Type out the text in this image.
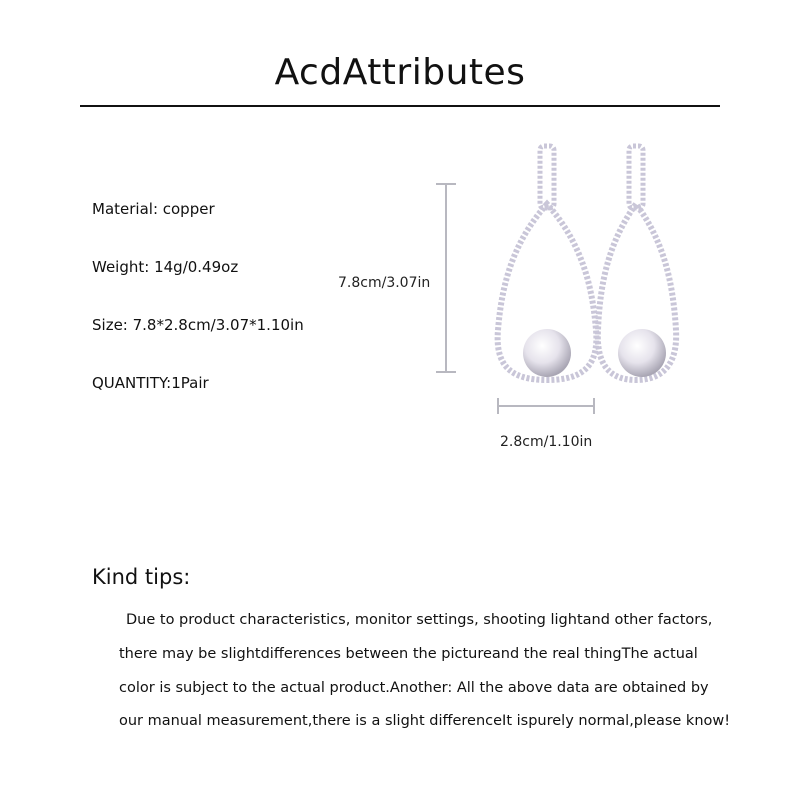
AcdAttributes
Material: copper
Weight: 14g/0.49oz
Size: 7.8*2.8cm/3.07*1.10in
QUANTITY:1Pair
7.8cm/3.07in
2.8cm/1.10in
Kind tips:
Due to product characteristics, monitor settings, shooting lightand other factors,
there may be slightdifferences between the pictureand the real thingThe actual
color is subject to the actual product.Another: All the above data are obtained by
our manual measurement,there is a slight differenceIt ispurely normal,please know!
